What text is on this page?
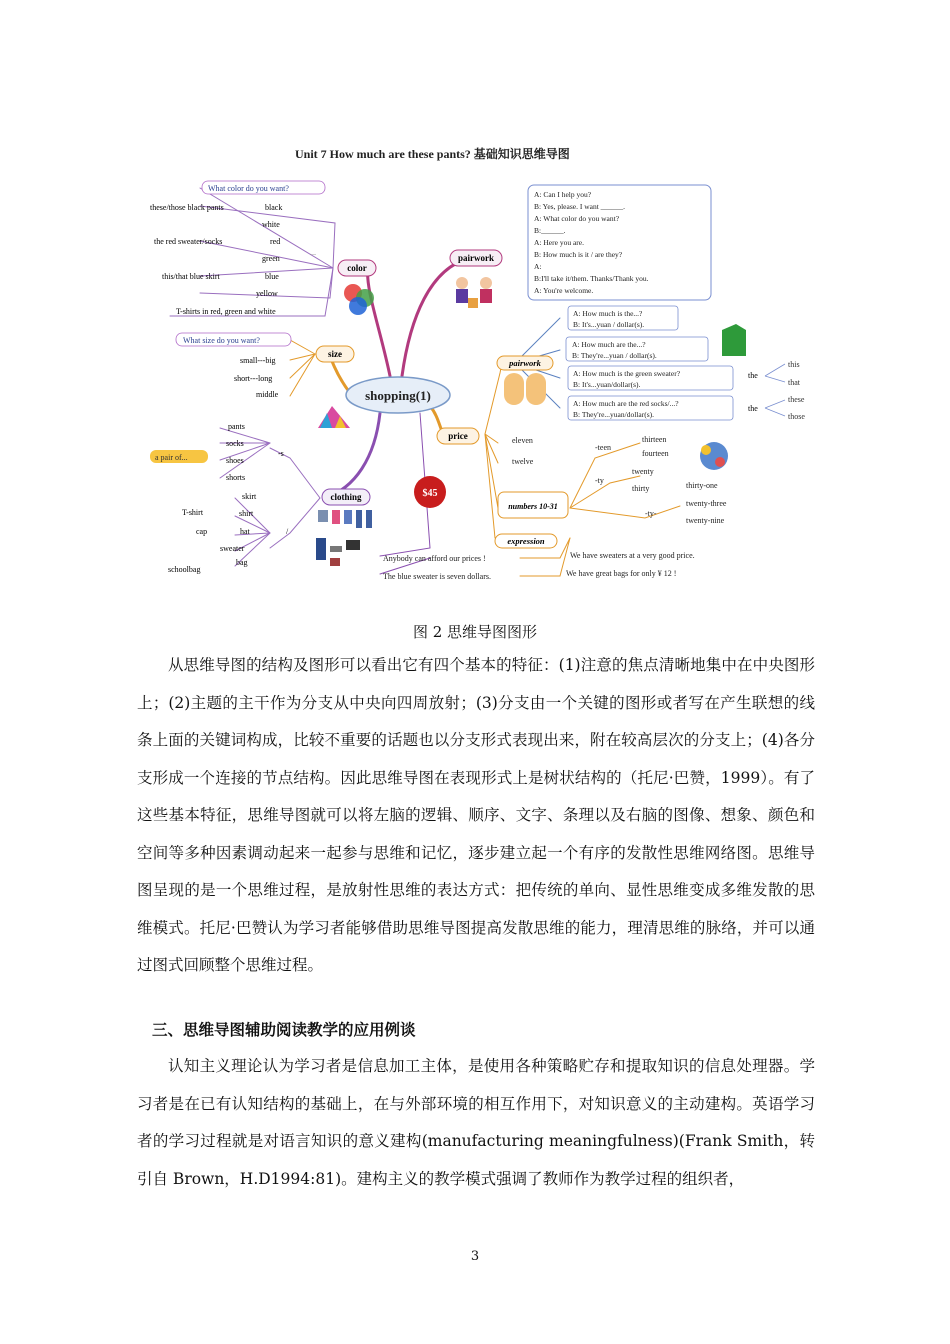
Unit 7 How much are these pants? 基础知识思维导图
shopping(1)
color
pairwork
size
price
clothing
What color do you want?
these/those black pants	black
white
the red sweater/socks	red
green
this/that blue skirt	blue
yellow
T-shirts in red, green and white
...
What size do you want?
small---big
short---long
middle
pants
socks
shoes
shorts
-s
a pair of...
skirt
shirt
hat
sweater
bag
T-shirt
cap
schoolbag
/
$45
A: Can I help you?
B: Yes, please. I want ______.
A: What color do you want?
B:______.
A: Here you are.
B: How much is it / are they?
A:
B:I'll take it/them. Thanks/Thank you.
A: You're welcome.
pairwork
A: How much is the...?
B: It's...yuan / dollar(s).
A: How much are the...?
B: They're...yuan / dollar(s).
A: How much is the green sweater?
B: It's...yuan/dollar(s).
A: How much are the red socks/...?
B: They're...yuan/dollar(s).
the
the
this
that
these
those
eleven
twelve
numbers 10-31
-teen
-ty
-ty-
thirteen
fourteen
twenty
thirty	thirty-one
twenty-three
twenty-nine
expression
Anybody can afford our prices !
The blue sweater is seven dollars.
We have sweaters at a very good price.
We have great bags for only ¥ 12 !
图 2 思维导图图形

从思维导图的结构及图形可以看出它有四个基本的特征：(1)注意的焦点清晰地集中在中央图形上；(2)主题的主干作为分支从中央向四周放射；(3)分支由一个关键的图形或者写在产生联想的线条上面的关键词构成，比较不重要的话题也以分支形式表现出来，附在较高层次的分支上；(4)各分支形成一个连接的节点结构。因此思维导图在表现形式上是树状结构的（托尼·巴赞，1999）。有了这些基本特征，思维导图就可以将左脑的逻辑、顺序、文字、条理以及右脑的图像、想象、颜色和空间等多种因素调动起来一起参与思维和记忆，逐步建立起一个有序的发散性思维网络图。思维导图呈现的是一个思维过程，是放射性思维的表达方式：把传统的单向、显性思维变成多维发散的思维模式。托尼·巴赞认为学习者能够借助思维导图提高发散思维的能力，理清思维的脉络，并可以通过图式回顾整个思维过程。

三、思维导图辅助阅读教学的应用例谈

认知主义理论认为学习者是信息加工主体，是使用各种策略贮存和提取知识的信息处理器。学习者是在已有认知结构的基础上，在与外部环境的相互作用下，对知识意义的主动建构。英语学习者的学习过程就是对语言知识的意义建构(manufacturing meaningfulness)(Frank Smith，转引自 Brown，H.D1994:81)。建构主义的教学模式强调了教师作为教学过程的组织者，

3
